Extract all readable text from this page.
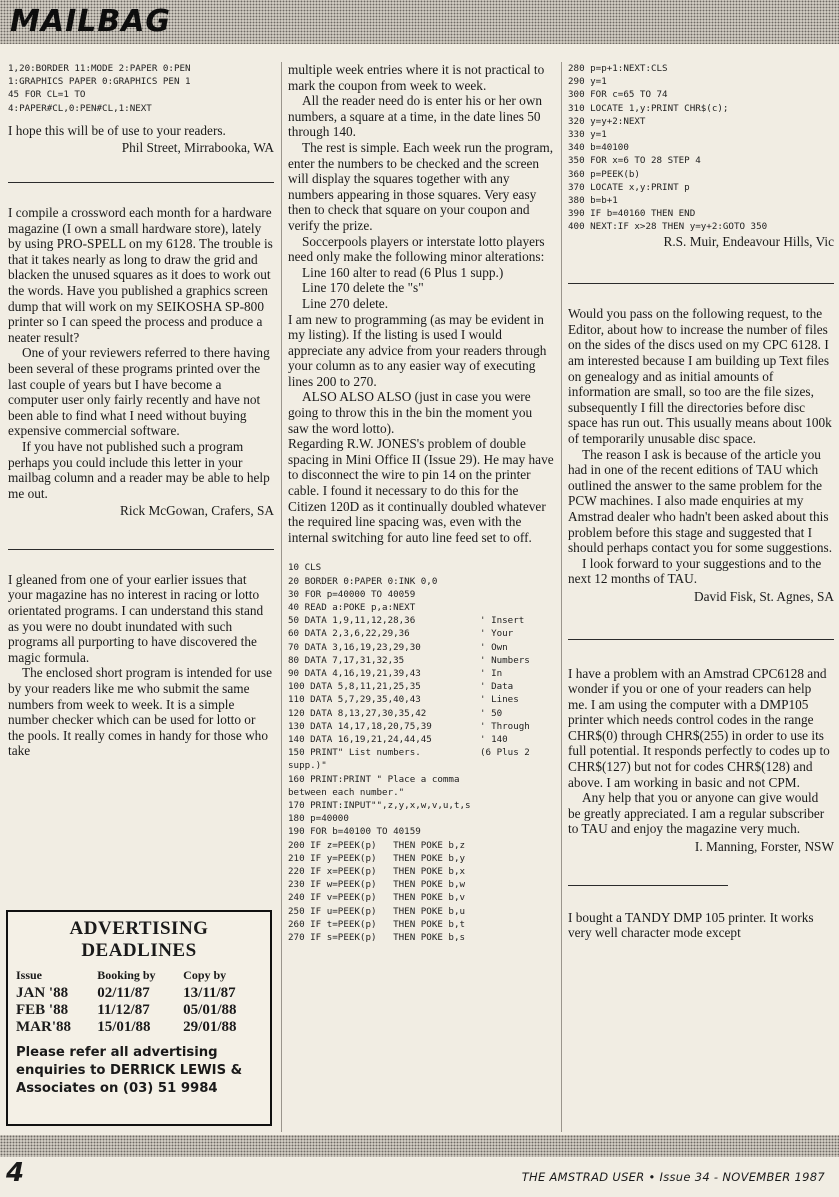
MAILBAG
1,20:BORDER 11:MODE 2:PAPER 0:PEN
1:GRAPHICS PAPER 0:GRAPHICS PEN 1
45 FOR CL=1 TO
4:PAPER#CL,0:PEN#CL,1:NEXT

I hope this will be of use to your readers.

Phil Street, Mirrabooka, WA

I compile a crossword each month for a hardware magazine (I own a small hardware store), lately by using PRO-SPELL on my 6128. The trouble is that it takes nearly as long to draw the grid and blacken the unused squares as it does to work out the words. Have you published a graphics screen dump that will work on my SEIKOSHA SP-800 printer so I can speed the process and produce a neater result?

One of your reviewers referred to there having been several of these programs printed over the last couple of years but I have become a computer user only fairly recently and have not been able to find what I need without buying expensive commercial software.

If you have not published such a program perhaps you could include this letter in your mailbag column and a reader may be able to help me out.

Rick McGowan, Crafers, SA

I gleaned from one of your earlier issues that your magazine has no interest in racing or lotto orientated programs. I can understand this stand as you were no doubt inundated with such programs all purporting to have discovered the magic formula.

The enclosed short program is intended for use by your readers like me who submit the same numbers from week to week. It is a simple number checker which can be used for lotto or the pools. It really comes in handy for those who take

ADVERTISING
DEADLINES
Issue	Booking by	Copy by
JAN '88	02/11/87	13/11/87
FEB '88	11/12/87	05/01/88
MAR'88	15/01/88	29/01/88
Please refer all advertising enquiries to DERRICK LEWIS & Associates on (03) 51 9984

multiple week entries where it is not practical to mark the coupon from week to week.

All the reader need do is enter his or her own numbers, a square at a time, in the date lines 50 through 140.

The rest is simple. Each week run the program, enter the numbers to be checked and the screen will display the squares together with any numbers appearing in those squares. Very easy then to check that square on your coupon and verify the prize.

Soccerpools players or interstate lotto players need only make the following minor alterations:

Line 160 alter to read (6 Plus 1 supp.)

Line 170 delete the "s"

Line 270 delete.

I am new to programming (as may be evident in my listing). If the listing is used I would appreciate any advice from your readers through your column as to any easier way of executing lines 200 to 270.

ALSO ALSO ALSO (just in case you were going to throw this in the bin the moment you saw the word lotto).

Regarding R.W. JONES's problem of double spacing in Mini Office II (Issue 29). He may have to disconnect the wire to pin 14 on the printer cable. I found it necessary to do this for the Citizen 120D as it continually doubled whatever the required line spacing was, even with the internal switching for auto line feed set to off.

10 CLS
20 BORDER 0:PAPER 0:INK 0,0
30 FOR p=40000 TO 40059
40 READ a:POKE p,a:NEXT
50 DATA 1,9,11,12,28,36	' Insert
60 DATA 2,3,6,22,29,36	' Your
70 DATA 3,16,19,23,29,30	' Own
80 DATA 7,17,31,32,35	' Numbers
90 DATA 4,16,19,21,39,43	' In
100 DATA 5,8,11,21,25,35	' Data
110 DATA 5,7,29,35,40,43	' Lines
120 DATA 8,13,27,30,35,42	' 50
130 DATA 14,17,18,20,75,39	' Through
140 DATA 16,19,21,24,44,45	' 140
150 PRINT" List numbers.	(6 Plus 2
supp.)"
160 PRINT:PRINT " Place a comma
between each number."
170 PRINT:INPUT"",z,y,x,w,v,u,t,s
180 p=40000
190 FOR b=40100 TO 40159
200 IF z=PEEK(p)   THEN POKE b,z
210 IF y=PEEK(p)   THEN POKE b,y
220 IF x=PEEK(p)   THEN POKE b,x
230 IF w=PEEK(p)   THEN POKE b,w
240 IF v=PEEK(p)   THEN POKE b,v
250 IF u=PEEK(p)   THEN POKE b,u
260 IF t=PEEK(p)   THEN POKE b,t
270 IF s=PEEK(p)   THEN POKE b,s
280 p=p+1:NEXT:CLS
290 y=1
300 FOR c=65 TO 74
310 LOCATE 1,y:PRINT CHR$(c);
320 y=y+2:NEXT
330 y=1
340 b=40100
350 FOR x=6 TO 28 STEP 4
360 p=PEEK(b)
370 LOCATE x,y:PRINT p
380 b=b+1
390 IF b=40160 THEN END
400 NEXT:IF x>28 THEN y=y+2:GOTO 350
R.S. Muir, Endeavour Hills, Vic

Would you pass on the following request, to the Editor, about how to increase the number of files on the sides of the discs used on my CPC 6128. I am interested because I am building up Text files on genealogy and as initial amounts of information are small, so too are the file sizes, subsequently I fill the directories before disc space has run out. This usually means about 100k of temporarily unusable disc space.

The reason I ask is because of the article you had in one of the recent editions of TAU which outlined the answer to the same problem for the PCW machines. I also made enquiries at my Amstrad dealer who hadn't been asked about this problem before this stage and suggested that I should perhaps contact you for some suggestions.

I look forward to your suggestions and to the next 12 months of TAU.

David Fisk, St. Agnes, SA

I have a problem with an Amstrad CPC6128 and wonder if you or one of your readers can help me. I am using the computer with a DMP105 printer which needs control codes in the range CHR$(0) through CHR$(255) in order to use its full potential. It responds perfectly to codes up to CHR$(127) but not for codes CHR$(128) and above. I am working in basic and not CPM.

Any help that you or anyone can give would be greatly appreciated. I am a regular subscriber to TAU and enjoy the magazine very much.

I. Manning, Forster, NSW

I bought a TANDY DMP 105 printer. It works very well character mode except

4	THE AMSTRAD USER • Issue 34 - NOVEMBER 1987
